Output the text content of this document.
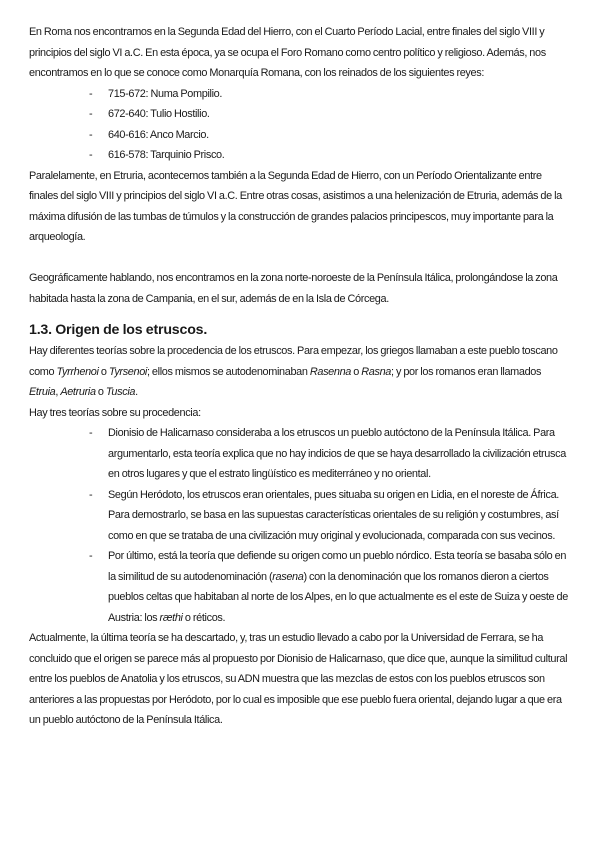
En Roma nos encontramos en la Segunda Edad del Hierro, con el Cuarto Período Lacial, entre finales del siglo VIII y principios del siglo VI a.C. En esta época, ya se ocupa el Foro Romano como centro político y religioso. Además, nos encontramos en lo que se conoce como Monarquía Romana, con los reinados de los siguientes reyes:

- 715-672: Numa Pompilio.
- 672-640: Tulio Hostilio.
- 640-616: Anco Marcio.
- 616-578: Tarquinio Prisco.

Paralelamente, en Etruria, acontecemos también a la Segunda Edad de Hierro, con un Período Orientalizante entre finales del siglo VIII y principios del siglo VI a.C. Entre otras cosas, asistimos a una helenización de Etruria, además de la máxima difusión de las tumbas de túmulos y la construcción de grandes palacios principescos, muy importante para la arqueología.

Geográficamente hablando, nos encontramos en la zona norte-noroeste de la Península Itálica, prolongándose la zona habitada hasta la zona de Campania, en el sur, además de en la Isla de Córcega.

1.3. Origen de los etruscos.

Hay diferentes teorías sobre la procedencia de los etruscos. Para empezar, los griegos llamaban a este pueblo toscano como Tyrrhenoi o Tyrsenoi; ellos mismos se autodenominaban Rasenna o Rasna; y por los romanos eran llamados Etruia, Aetruria o Tuscia.

Hay tres teorías sobre su procedencia:

- Dionisio de Halicarnaso consideraba a los etruscos un pueblo autóctono de la Península Itálica. Para argumentarlo, esta teoría explica que no hay indicios de que se haya desarrollado la civilización etrusca en otros lugares y que el estrato lingüístico es mediterráneo y no oriental.
- Según Heródoto, los etruscos eran orientales, pues situaba su origen en Lidia, en el noreste de África. Para demostrarlo, se basa en las supuestas características orientales de su religión y costumbres, así como en que se trataba de una civilización muy original y evolucionada, comparada con sus vecinos.
- Por último, está la teoría que defiende su origen como un pueblo nórdico. Esta teoría se basaba sólo en la similitud de su autodenominación (rasena) con la denominación que los romanos dieron a ciertos pueblos celtas que habitaban al norte de los Alpes, en lo que actualmente es el este de Suiza y oeste de Austria: los ræthi o réticos.

Actualmente, la última teoría se ha descartado, y, tras un estudio llevado a cabo por la Universidad de Ferrara, se ha concluido que el origen se parece más al propuesto por Dionisio de Halicarnaso, que dice que, aunque la similitud cultural entre los pueblos de Anatolia y los etruscos, su ADN muestra que las mezclas de estos con los pueblos etruscos son anteriores a las propuestas por Heródoto, por lo cual es imposible que ese pueblo fuera oriental, dejando lugar a que era un pueblo autóctono de la Península Itálica.
